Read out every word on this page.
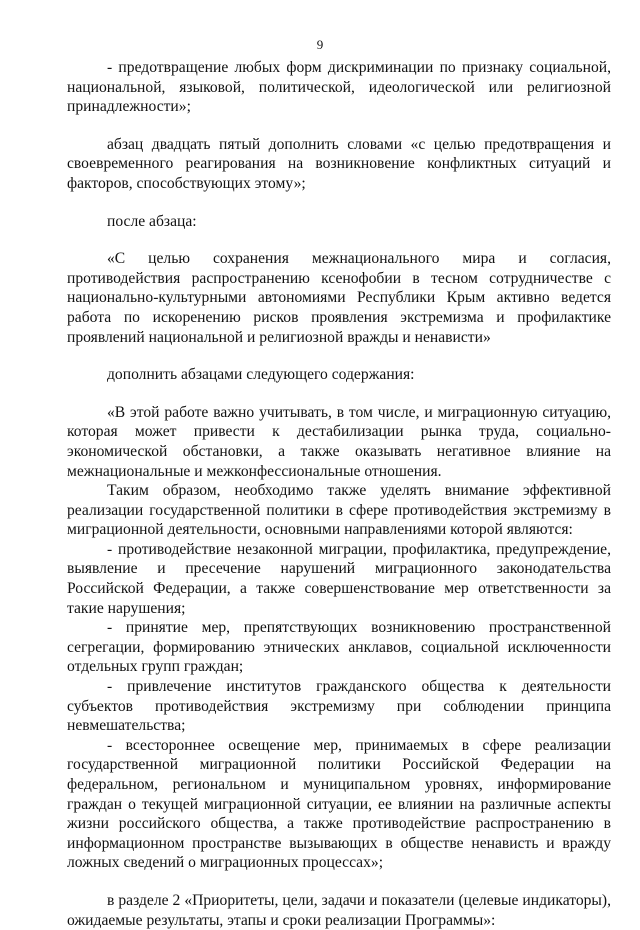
9

- предотвращение любых форм дискриминации по признаку социальной, национальной, языковой, политической, идеологической или религиозной принадлежности»;

абзац двадцать пятый дополнить словами «с целью предотвращения и своевременного реагирования на возникновение конфликтных ситуаций и факторов, способствующих этому»;

после абзаца:

«С целью сохранения межнационального мира и согласия, противодействия распространению ксенофобии в тесном сотрудничестве с национально-культурными автономиями Республики Крым активно ведется работа по искоренению рисков проявления экстремизма и профилактике проявлений национальной и религиозной вражды и ненависти»

дополнить абзацами следующего содержания:

«В этой работе важно учитывать, в том числе, и миграционную ситуацию, которая может привести к дестабилизации рынка труда, социально-экономической обстановки, а также оказывать негативное влияние на межнациональные и межконфессиональные отношения.

Таким образом, необходимо также уделять внимание эффективной реализации государственной политики в сфере противодействия экстремизму в миграционной деятельности, основными направлениями которой являются:

- противодействие незаконной миграции, профилактика, предупреждение, выявление и пресечение нарушений миграционного законодательства Российской Федерации, а также совершенствование мер ответственности за такие нарушения;

- принятие мер, препятствующих возникновению пространственной сегрегации, формированию этнических анклавов, социальной исключенности отдельных групп граждан;

- привлечение институтов гражданского общества к деятельности субъектов противодействия экстремизму при соблюдении принципа невмешательства;

- всестороннее освещение мер, принимаемых в сфере реализации государственной миграционной политики Российской Федерации на федеральном, региональном и муниципальном уровнях, информирование граждан о текущей миграционной ситуации, ее влиянии на различные аспекты жизни российского общества, а также противодействие распространению в информационном пространстве вызывающих в обществе ненависть и вражду ложных сведений о миграционных процессах»;

в разделе 2 «Приоритеты, цели, задачи и показатели (целевые индикаторы), ожидаемые результаты, этапы и сроки реализации Программы»:
